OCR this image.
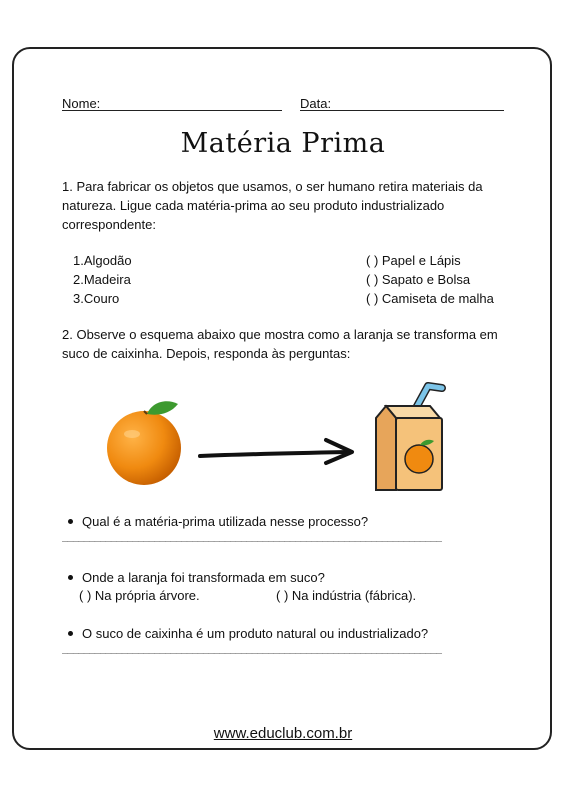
Nome:	Data:
Matéria Prima
1. Para fabricar os objetos que usamos, o ser humano retira materiais da natureza. Ligue cada matéria-prima ao seu produto industrializado correspondente:
1.Algodão
2.Madeira
3.Couro
( ) Papel e Lápis
( ) Sapato e Bolsa
( ) Camiseta de malha
2. Observe o esquema abaixo que mostra como a laranja se transforma em suco de caixinha. Depois, responda às perguntas:
Qual é a matéria-prima utilizada nesse processo?
______________________________________________________________________
Onde a laranja foi transformada em suco?
( ) Na própria árvore.	( ) Na indústria (fábrica).
O suco de caixinha é um produto natural ou industrializado?
______________________________________________________________________
www.educlub.com.br
